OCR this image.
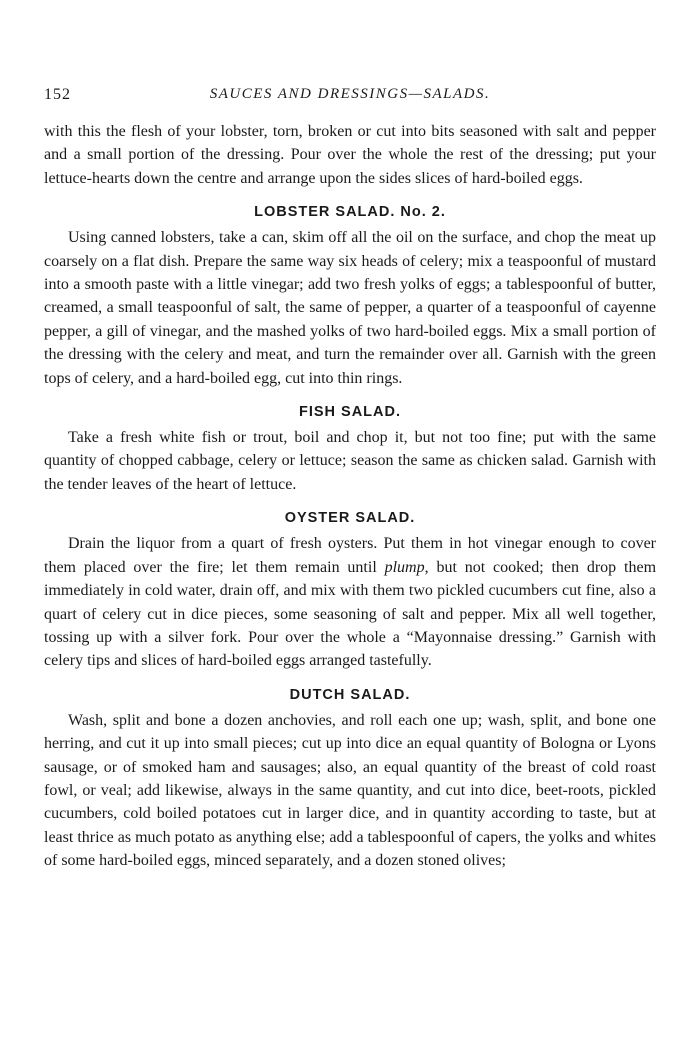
152	SAUCES AND DRESSINGS—SALADS.

with this the flesh of your lobster, torn, broken or cut into bits seasoned with salt and pepper and a small portion of the dressing. Pour over the whole the rest of the dressing; put your lettuce-hearts down the centre and arrange upon the sides slices of hard-boiled eggs.

LOBSTER SALAD. No. 2.

Using canned lobsters, take a can, skim off all the oil on the surface, and chop the meat up coarsely on a flat dish. Prepare the same way six heads of celery; mix a teaspoonful of mustard into a smooth paste with a little vinegar; add two fresh yolks of eggs; a tablespoonful of butter, creamed, a small teaspoonful of salt, the same of pepper, a quarter of a teaspoonful of cayenne pepper, a gill of vinegar, and the mashed yolks of two hard-boiled eggs. Mix a small portion of the dressing with the celery and meat, and turn the remainder over all. Garnish with the green tops of celery, and a hard-boiled egg, cut into thin rings.

FISH SALAD.

Take a fresh white fish or trout, boil and chop it, but not too fine; put with the same quantity of chopped cabbage, celery or lettuce; season the same as chicken salad. Garnish with the tender leaves of the heart of lettuce.

OYSTER SALAD.

Drain the liquor from a quart of fresh oysters. Put them in hot vinegar enough to cover them placed over the fire; let them remain until plump, but not cooked; then drop them immediately in cold water, drain off, and mix with them two pickled cucumbers cut fine, also a quart of celery cut in dice pieces, some seasoning of salt and pepper. Mix all well together, tossing up with a silver fork. Pour over the whole a “Mayonnaise dressing.” Garnish with celery tips and slices of hard-boiled eggs arranged tastefully.

DUTCH SALAD.

Wash, split and bone a dozen anchovies, and roll each one up; wash, split, and bone one herring, and cut it up into small pieces; cut up into dice an equal quantity of Bologna or Lyons sausage, or of smoked ham and sausages; also, an equal quantity of the breast of cold roast fowl, or veal; add likewise, always in the same quantity, and cut into dice, beet-roots, pickled cucumbers, cold boiled potatoes cut in larger dice, and in quantity according to taste, but at least thrice as much potato as anything else; add a tablespoonful of capers, the yolks and whites of some hard-boiled eggs, minced separately, and a dozen stoned olives;
